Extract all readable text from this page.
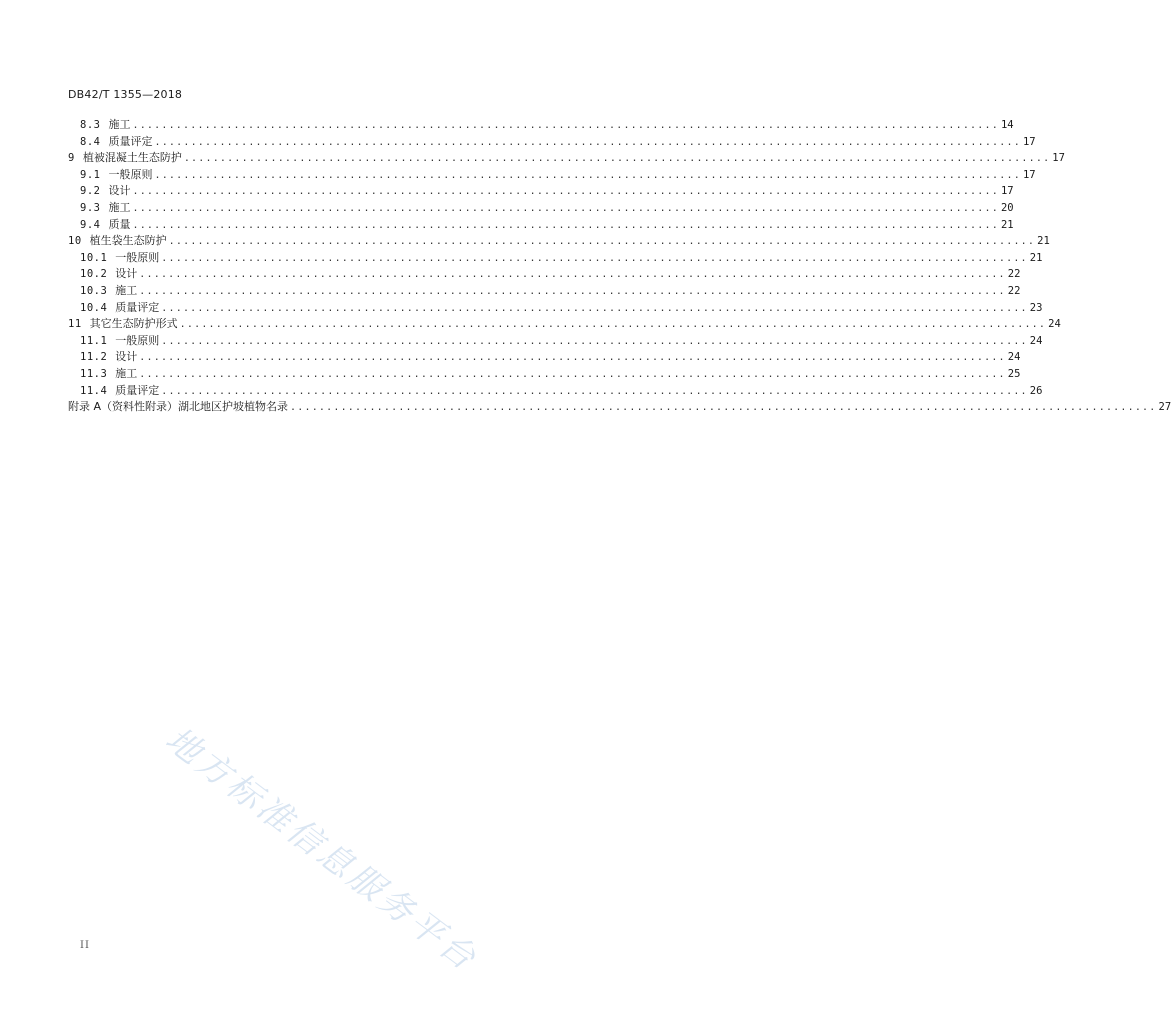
DB42/T 1355—2018
8.3 施工 ........................................................................................................................ 14
8.4 质量评定 ........................................................................................................................ 17
9 植被混凝土生态防护 ........................................................................................................................ 17
9.1 一般原则 ........................................................................................................................ 17
9.2 设计 ........................................................................................................................ 17
9.3 施工 ........................................................................................................................ 20
9.4 质量 ........................................................................................................................ 21
10 植生袋生态防护 ........................................................................................................................ 21
10.1 一般原则 ........................................................................................................................ 21
10.2 设计 ........................................................................................................................ 22
10.3 施工 ........................................................................................................................ 22
10.4 质量评定 ........................................................................................................................ 23
11 其它生态防护形式 ........................................................................................................................ 24
11.1 一般原则 ........................................................................................................................ 24
11.2 设计 ........................................................................................................................ 24
11.3 施工 ........................................................................................................................ 25
11.4 质量评定 ........................................................................................................................ 26
附录 A（资料性附录）湖北地区护坡植物名录 ........................................................................................................................ 27
II 地方标准信息服务平台
